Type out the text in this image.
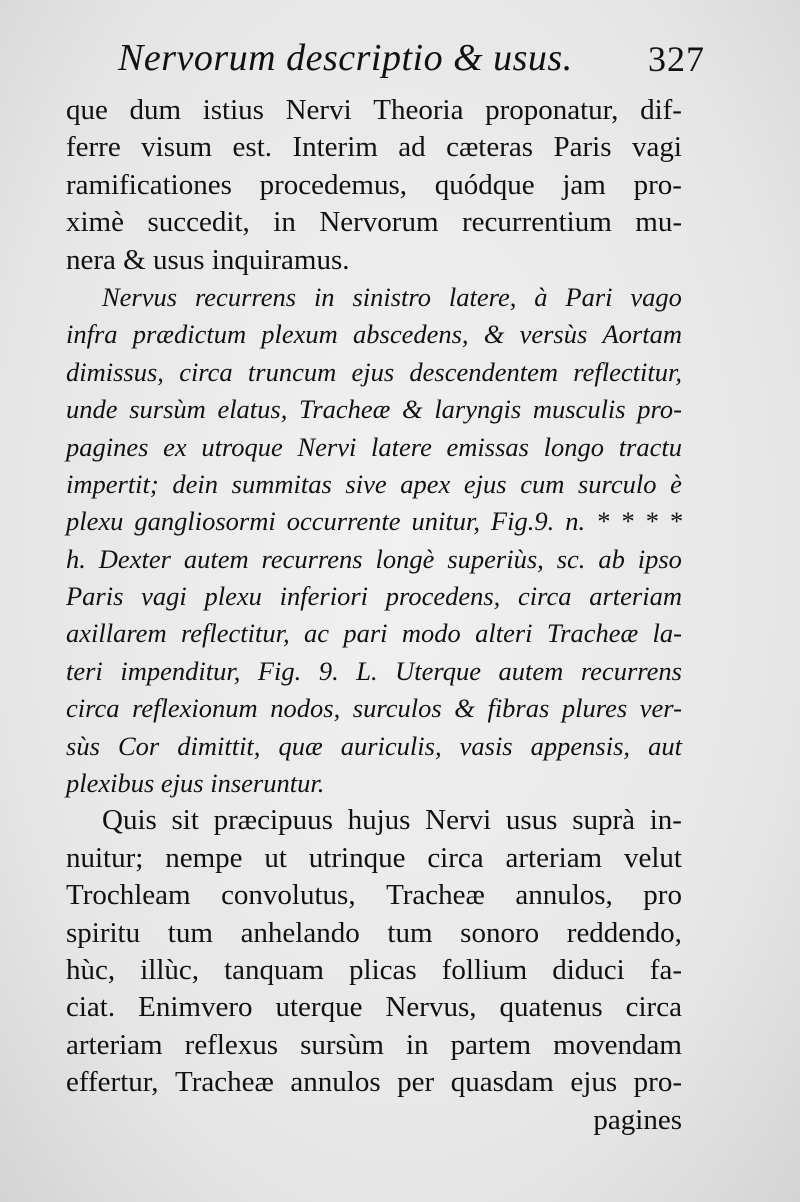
Nervorum descriptio & usus. 327
que dum istius Nervi Theoria proponatur, dif-
ferre visum est. Interim ad cæteras Paris vagi
ramificationes procedemus, quódque jam pro-
ximè succedit, in Nervorum recurrentium mu-
nera & usus inquiramus.
Nervus recurrens in sinistro latere, à Pari vago
infra prædictum plexum abscedens, & versùs Aortam
dimissus, circa truncum ejus descendentem reflectitur,
unde sursùm elatus, Tracheæ & laryngis musculis pro-
pagines ex utroque Nervi latere emissas longo tractu
impertit; dein summitas sive apex ejus cum surculo è
plexu gangliosormi occurrente unitur, Fig.9. n. * * * *
h. Dexter autem recurrens longè superiùs, sc. ab ipso
Paris vagi plexu inferiori procedens, circa arteriam
axillarem reflectitur, ac pari modo alteri Tracheæ la-
teri impenditur, Fig. 9. L. Uterque autem recurrens
circa reflexionum nodos, surculos & fibras plures ver-
sùs Cor dimittit, quæ auriculis, vasis appensis, aut
plexibus ejus inseruntur.
Quis sit præcipuus hujus Nervi usus suprà in-
nuitur; nempe ut utrinque circa arteriam velut
Trochleam convolutus, Tracheæ annulos, pro
spiritu tum anhelando tum sonoro reddendo,
hùc, illùc, tanquam plicas follium diduci fa-
ciat. Enimvero uterque Nervus, quatenus circa
arteriam reflexus sursùm in partem movendam
effertur, Tracheæ annulos per quasdam ejus pro-
pagines
